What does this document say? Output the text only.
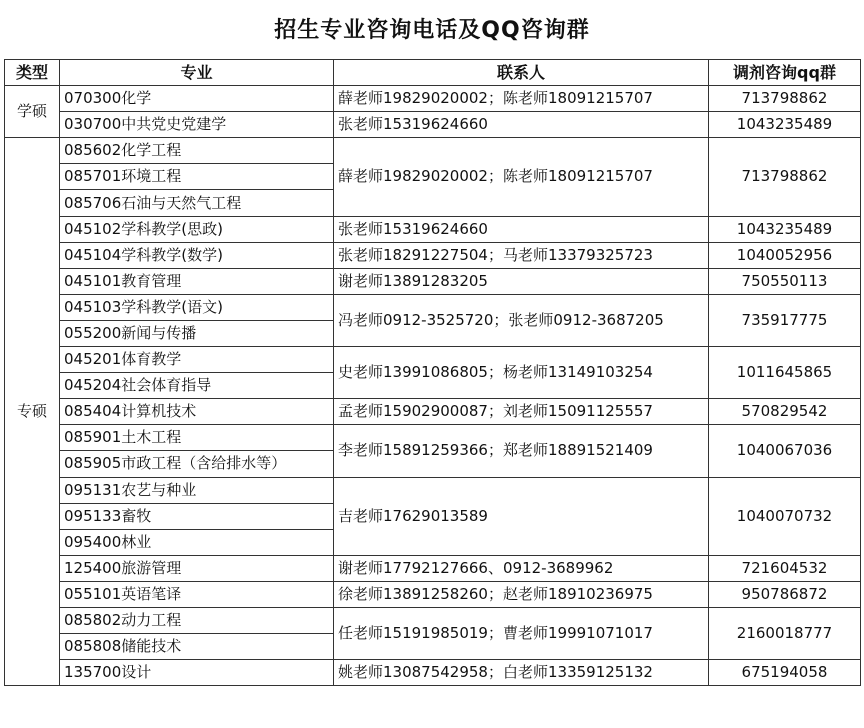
招生专业咨询电话及QQ咨询群
类型	专业	联系人	调剂咨询qq群
学硕	070300化学	薛老师19829020002；陈老师18091215707	713798862
	030700中共党史党建学	张老师15319624660	1043235489
专硕	085602化学工程	薛老师19829020002；陈老师18091215707	713798862
	085701环境工程		
	085706石油与天然气工程		
	045102学科教学(思政)	张老师15319624660	1043235489
	045104学科教学(数学)	张老师18291227504；马老师13379325723	1040052956
	045101教育管理	谢老师13891283205	750550113
	045103学科教学(语文)	冯老师0912-3525720；张老师0912-3687205	735917775
	055200新闻与传播		
	045201体育教学	史老师13991086805；杨老师13149103254	1011645865
	045204社会体育指导		
	085404计算机技术	孟老师15902900087；刘老师15091125557	570829542
	085901土木工程	李老师15891259366；郑老师18891521409	1040067036
	085905市政工程（含给排水等）		
	095131农艺与种业	吉老师17629013589	1040070732
	095133畜牧		
	095400林业		
	125400旅游管理	谢老师17792127666、0912-3689962	721604532
	055101英语笔译	徐老师13891258260；赵老师18910236975	950786872
	085802动力工程	任老师15191985019；曹老师19991071017	2160018777
	085808储能技术		
	135700设计	姚老师13087542958；白老师13359125132	675194058
